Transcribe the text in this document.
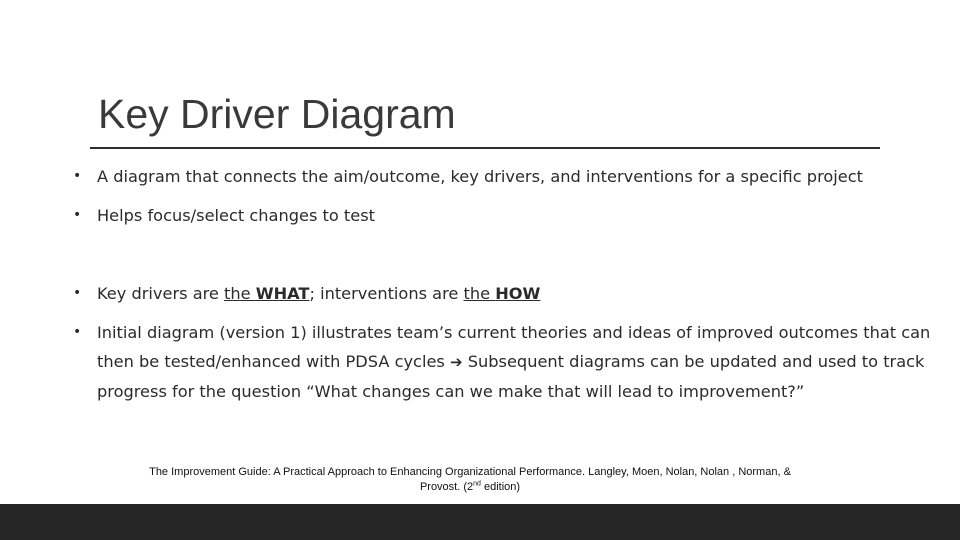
Key Driver Diagram
• A diagram that connects the aim/outcome, key drivers, and interventions for a specific project
• Helps focus/select changes to test
• Key drivers are the WHAT; interventions are the HOW
• Initial diagram (version 1) illustrates team’s current theories and ideas of improved outcomes that can then be tested/enhanced with PDSA cycles ➔ Subsequent diagrams can be updated and used to track progress for the question “What changes can we make that will lead to improvement?”
The Improvement Guide: A Practical Approach to Enhancing Organizational Performance. Langley, Moen, Nolan, Nolan , Norman, &
Provost. (2nd edition)
